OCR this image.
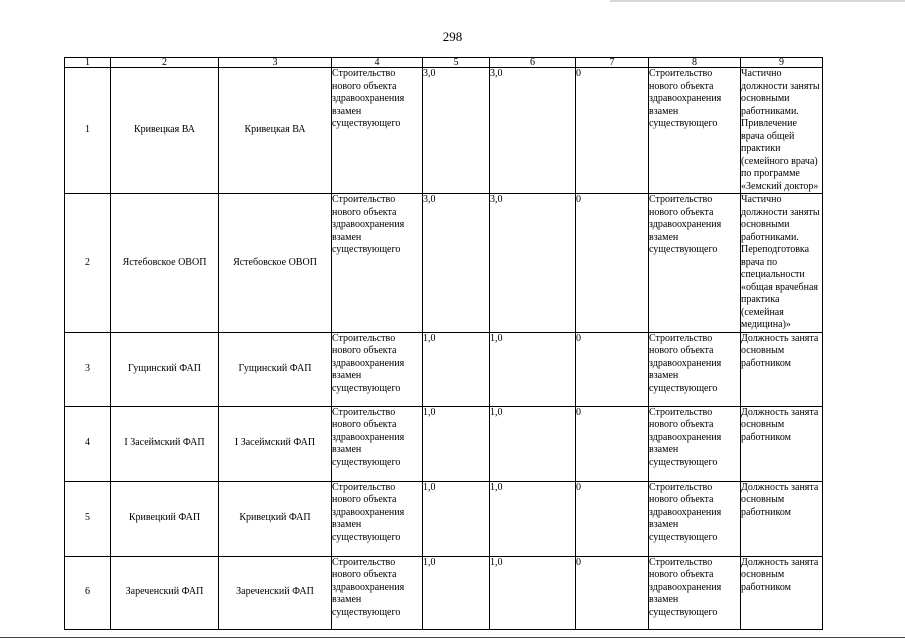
298
1	2	3	4	5	6	7	8	9
1	Кривецкая ВА	Кривецкая ВА	Строительство нового объекта здравоохранения взамен существующего	3,0	3,0	0	Строительство нового объекта здравоохранения взамен существующего	Частично должности заняты основными работниками. Привлечение врача общей практики (семейного врача) по программе «Земский доктор»
2	Ястебовское ОВОП	Ястебовское ОВОП	Строительство нового объекта здравоохранения взамен существующего	3,0	3,0	0	Строительство нового объекта здравоохранения взамен существующего	Частично должности заняты основными работниками. Переподготовка врача по специальности «общая врачебная практика (семейная медицина)»
3	Гущинский ФАП	Гущинский ФАП	Строительство нового объекта здравоохранения взамен существующего	1,0	1,0	0	Строительство нового объекта здравоохранения взамен существующего	Должность занята основным работником
4	I Засеймский ФАП	I Засеймский ФАП	Строительство нового объекта здравоохранения взамен существующего	1,0	1,0	0	Строительство нового объекта здравоохранения взамен существующего	Должность занята основным работником
5	Кривецкий ФАП	Кривецкий ФАП	Строительство нового объекта здравоохранения взамен существующего	1,0	1,0	0	Строительство нового объекта здравоохранения взамен существующего	Должность занята основным работником
6	Зареченский ФАП	Зареченский ФАП	Строительство нового объекта здравоохранения взамен существующего	1,0	1,0	0	Строительство нового объекта здравоохранения взамен существующего	Должность занята основным работником
